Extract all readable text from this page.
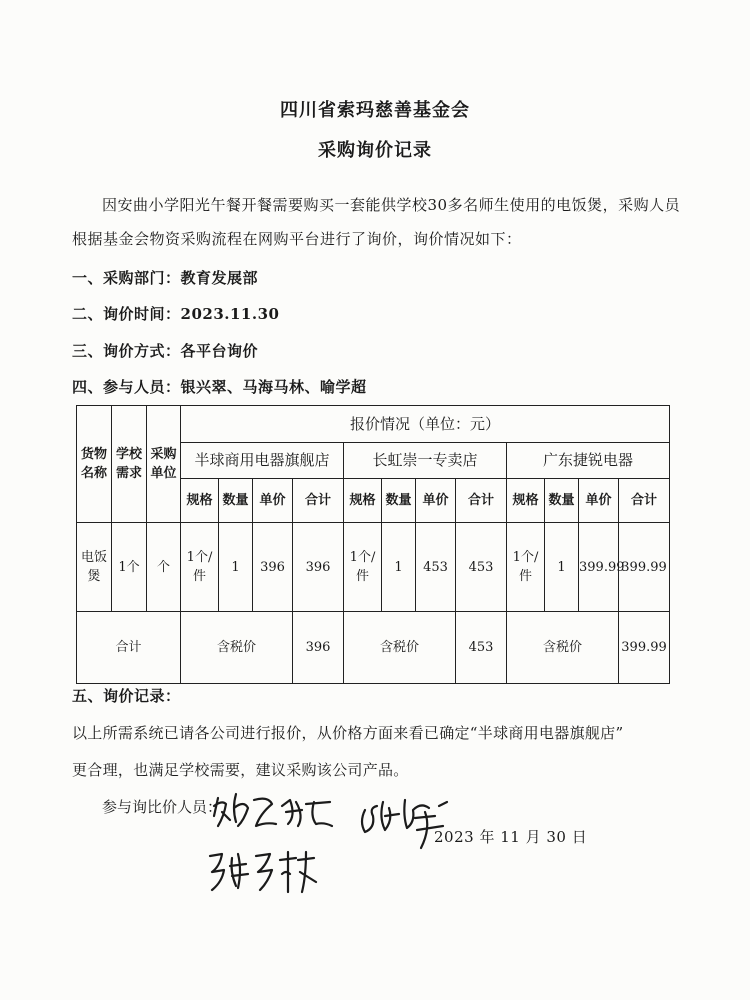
四川省索玛慈善基金会
采购询价记录
因安曲小学阳光午餐开餐需要购买一套能供学校30多名师生使用的电饭煲，采购人员根据基金会物资采购流程在网购平台进行了询价，询价情况如下：
一、采购部门：教育发展部
二、询价时间：2023.11.30
三、询价方式：各平台询价
四、参与人员：银兴翠、马海马林、喻学超
货物名称	学校需求	采购单位	报价情况（单位：元）											
			半球商用电器旗舰店				长虹崇一专卖店				广东捷锐电器			
			规格	数量	单价	合计	规格	数量	单价	合计	规格	数量	单价	合计
电饭煲	1个	个	1个/件	1	396	396	1个/件	1	453	453	1个/件	1	399.99	399.99
合计			含税价			396	含税价			453	含税价			399.99
五、询价记录：
以上所需系统已请各公司进行报价，从价格方面来看已确定“半球商用电器旗舰店”
更合理，也满足学校需要，建议采购该公司产品。
参与询比价人员：
2023 年 11 月 30 日
